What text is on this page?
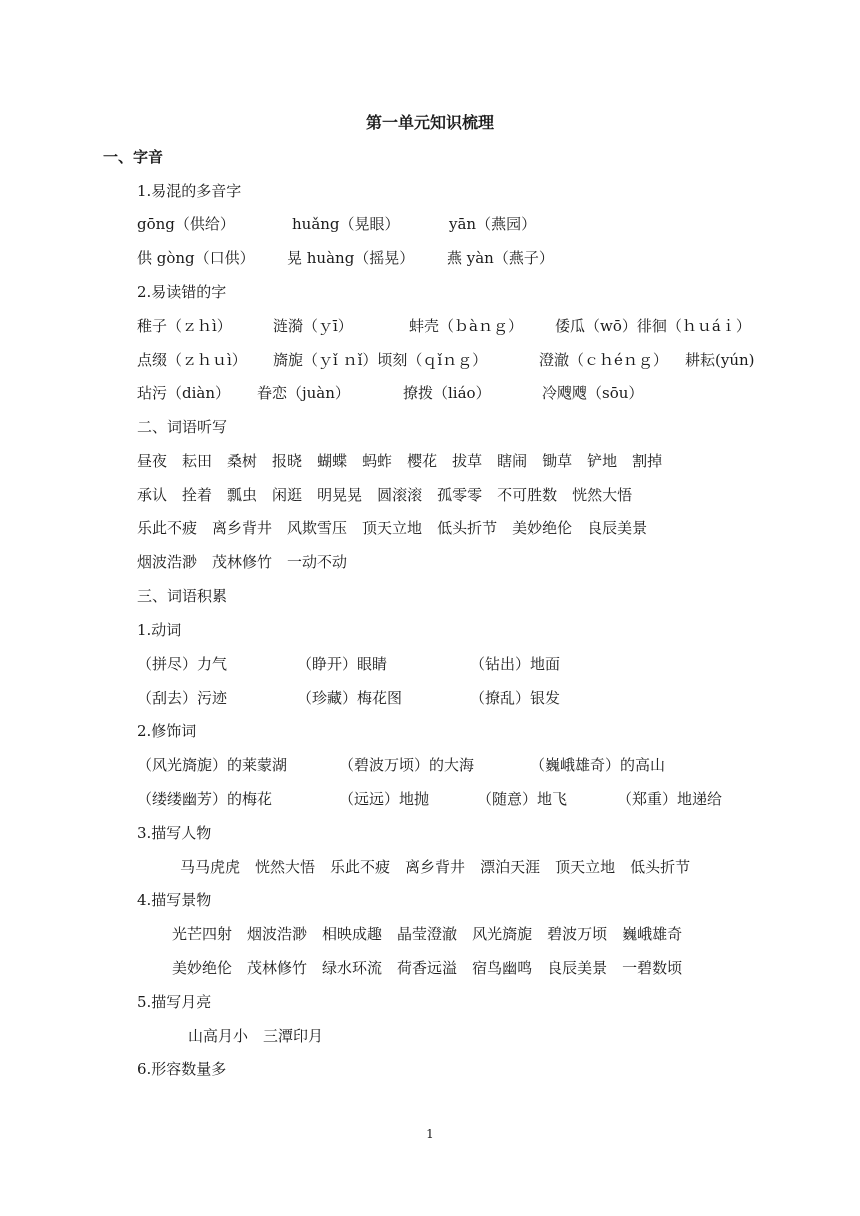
第一单元知识梳理
一、字音
1.易混的多音字
gōng（供给）	huǎng（晃眼）	yān（燕园）
供 gòng（口供） 晃 huàng（摇晃） 燕 yàn（燕子）
2.易读错的字
稚子（ｚｈì）	涟漪（ｙī）	蚌壳（ｂàｎｇ） 倭瓜（wō）徘徊（ｈｕáｉ）
点缀（ｚｈｕì） 旖旎（ｙǐ ｎǐ）顷刻（ｑǐｎｇ）	澄澈（ｃｈéｎｇ） 耕耘(yún)
玷污（diàn） 眷恋（juàn）	撩拨（liáo）	冷飕飕（sōu）
二、词语听写
昼夜 耘田 桑树 报晓 蝴蝶 蚂蚱 樱花 拔草 瞎闹 锄草 铲地 割掉
承认 拴着 瓢虫 闲逛 明晃晃 圆滚滚 孤零零 不可胜数 恍然大悟
乐此不疲 离乡背井 风欺雪压 顶天立地 低头折节 美妙绝伦 良辰美景
烟波浩渺 茂林修竹 一动不动
三、词语积累
1.动词
（拼尽）力气	（睁开）眼睛	（钻出）地面
（刮去）污迹	（珍藏）梅花图	（撩乱）银发
2.修饰词
（风光旖旎）的莱蒙湖	（碧波万顷）的大海	（巍峨雄奇）的高山
（缕缕幽芳）的梅花	（远远）地抛	（随意）地飞	（郑重）地递给
3.描写人物
马马虎虎 恍然大悟 乐此不疲 离乡背井 漂泊天涯 顶天立地 低头折节
4.描写景物
光芒四射 烟波浩渺 相映成趣 晶莹澄澈 风光旖旎 碧波万顷 巍峨雄奇
美妙绝伦 茂林修竹 绿水环流 荷香远溢 宿鸟幽鸣 良辰美景 一碧数顷
5.描写月亮
山高月小 三潭印月
6.形容数量多
1
